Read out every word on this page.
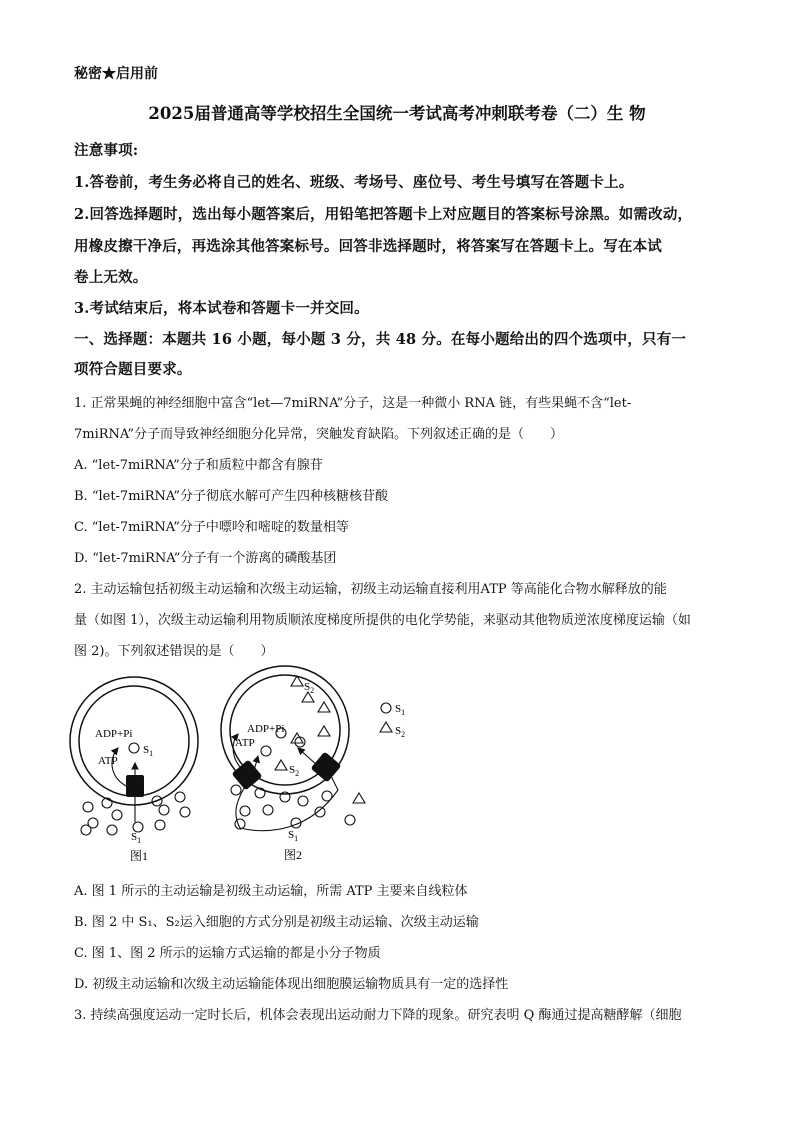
秘密★启用前
2025届普通高等学校招生全国统一考试高考冲刺联考卷（二）生 物
注意事项:
1.答卷前，考生务必将自己的姓名、班级、考场号、座位号、考生号填写在答题卡上。
2.回答选择题时，选出每小题答案后，用铅笔把答题卡上对应题目的答案标号涂黑。如需改动，
用橡皮擦干净后，再选涂其他答案标号。回答非选择题时，将答案写在答题卡上。写在本试
卷上无效。
3.考试结束后，将本试卷和答题卡一并交回。
一、选择题：本题共 16 小题，每小题 3 分，共 48 分。在每小题给出的四个选项中，只有一
项符合题目要求。
1. 正常果蝇的神经细胞中富含“let—7miRNA”分子，这是一种微小 RNA 链，有些果蝇不含“let-
7miRNA”分子而导致神经细胞分化异常，突触发育缺陷。下列叙述正确的是（　　）
A. “let-7miRNA”分子和质粒中都含有腺苷
B. “let-7miRNA”分子彻底水解可产生四种核糖核苷酸
C. “let-7miRNA”分子中嘌呤和嘧啶的数量相等
D. “let-7miRNA”分子有一个游离的磷酸基团
2. 主动运输包括初级主动运输和次级主动运输，初级主动运输直接利用ATP 等高能化合物水解释放的能
量（如图 1），次级主动运输利用物质顺浓度梯度所提供的电化学势能，来驱动其他物质逆浓度梯度运输（如
图 2)。下列叙述错误的是（　　）
ADP+Pi
ATP
$S_1$
$S_1$
图1
ADP+Pi
ATP
$S_2$
$S_2$
$S_1$
图2
$S_1$
$S_2$
A. 图 1 所示的主动运输是初级主动运输，所需 ATP 主要来自线粒体
B. 图 2 中 S₁、S₂运入细胞的方式分别是初级主动运输、次级主动运输
C. 图 1、图 2 所示的运输方式运输的都是小分子物质
D. 初级主动运输和次级主动运输能体现出细胞膜运输物质具有一定的选择性
3. 持续高强度运动一定时长后，机体会表现出运动耐力下降的现象。研究表明 Q 酶通过提高糖酵解（细胞
